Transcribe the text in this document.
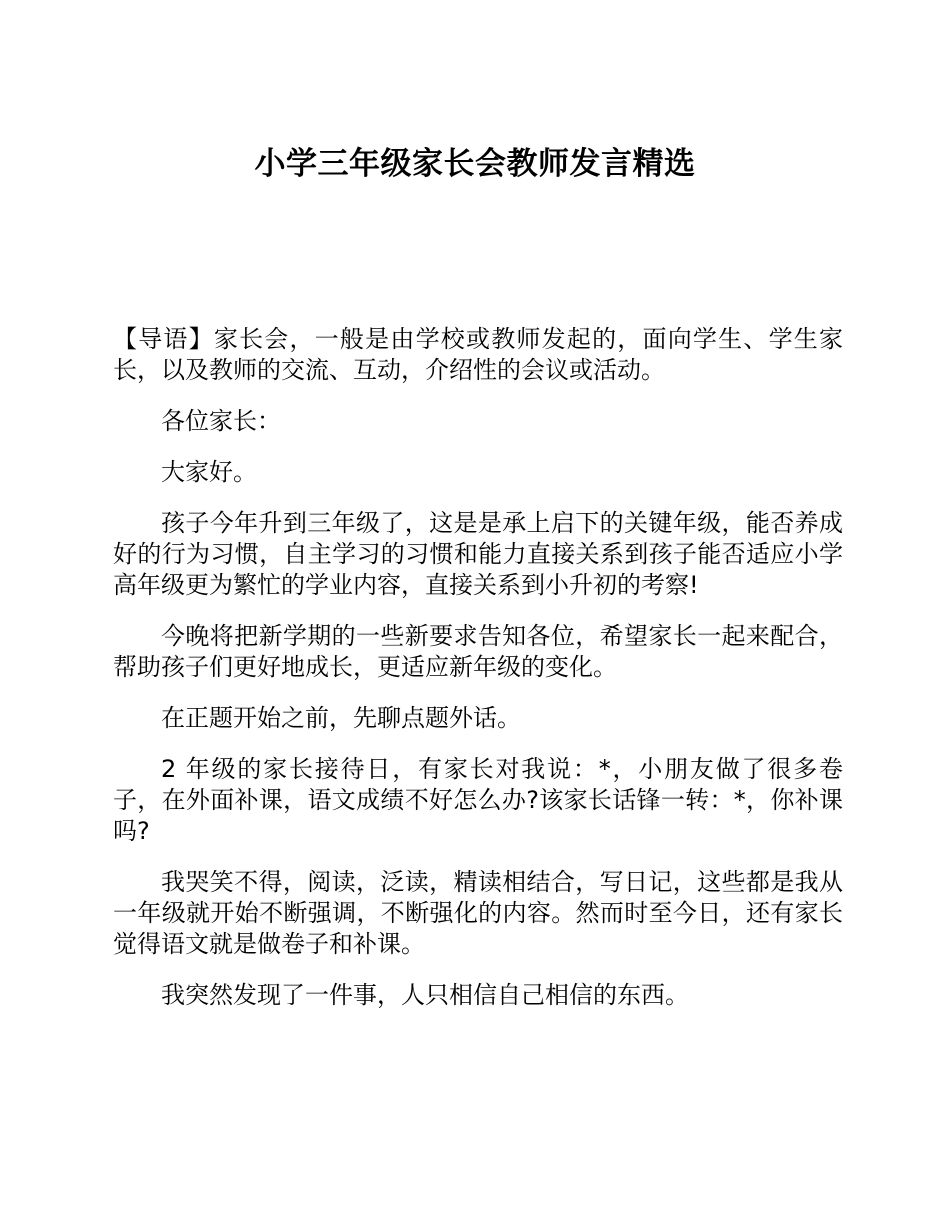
小学三年级家长会教师发言精选

【导语】家长会，一般是由学校或教师发起的，面向学生、学生家长，以及教师的交流、互动，介绍性的会议或活动。

各位家长：

大家好。

孩子今年升到三年级了，这是是承上启下的关键年级，能否养成好的行为习惯，自主学习的习惯和能力直接关系到孩子能否适应小学高年级更为繁忙的学业内容，直接关系到小升初的考察!

今晚将把新学期的一些新要求告知各位，希望家长一起来配合，帮助孩子们更好地成长，更适应新年级的变化。

在正题开始之前，先聊点题外话。

2 年级的家长接待日，有家长对我说：*，小朋友做了很多卷子，在外面补课，语文成绩不好怎么办?该家长话锋一转：*，你补课吗?

我哭笑不得，阅读，泛读，精读相结合，写日记，这些都是我从一年级就开始不断强调，不断强化的内容。然而时至今日，还有家长觉得语文就是做卷子和补课。

我突然发现了一件事，人只相信自己相信的东西。
